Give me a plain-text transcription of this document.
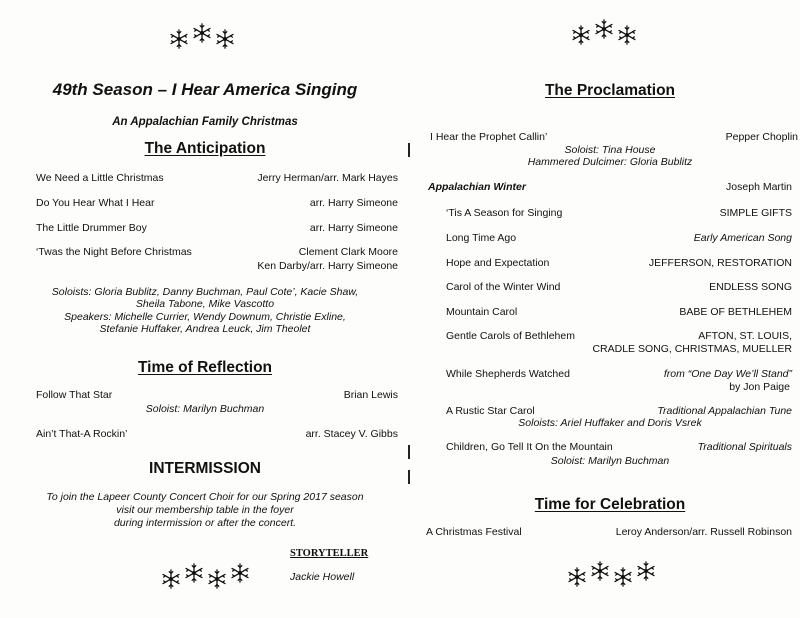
49th Season – I Hear America Singing
An Appalachian Family Christmas
The Anticipation
We Need a Little Christmas	Jerry Herman/arr. Mark Hayes
Do You Hear What I Hear	arr. Harry Simeone
The Little Drummer Boy	arr. Harry Simeone
‘Twas the Night Before Christmas	Clement Clark Moore
Ken Darby/arr. Harry Simeone
Soloists: Gloria Bublitz, Danny Buchman, Paul Cote’, Kacie Shaw,
Sheila Tabone, Mike Vascotto
Speakers: Michelle Currier, Wendy Downum, Christie Exline,
Stefanie Huffaker, Andrea Leuck, Jim Theolet
Time of Reflection
Follow That Star	Brian Lewis
Soloist: Marilyn Buchman
Ain’t That-A Rockin’	arr. Stacey V. Gibbs
INTERMISSION
To join the Lapeer County Concert Choir for our Spring 2017 season
visit our membership table in the foyer
during intermission or after the concert.
STORYTELLER
Jackie Howell
The Proclamation
I Hear the Prophet Callin’	Pepper Choplin
Soloist: Tina House
Hammered Dulcimer: Gloria Bublitz
Appalachian Winter	Joseph Martin
‘Tis A Season for Singing	SIMPLE GIFTS
Long Time Ago	Early American Song
Hope and Expectation	JEFFERSON, RESTORATION
Carol of the Winter Wind	ENDLESS SONG
Mountain Carol	BABE OF BETHLEHEM
Gentle Carols of Bethlehem	AFTON, ST. LOUIS,
CRADLE SONG, CHRISTMAS, MUELLER
While Shepherds Watched	from “One Day We’ll Stand”
by Jon Paige
A Rustic Star Carol	Traditional Appalachian Tune
Soloists: Ariel Huffaker and Doris Vsrek
Children, Go Tell It On the Mountain	Traditional Spirituals
Soloist: Marilyn Buchman
Time for Celebration
A Christmas Festival	Leroy Anderson/arr. Russell Robinson
